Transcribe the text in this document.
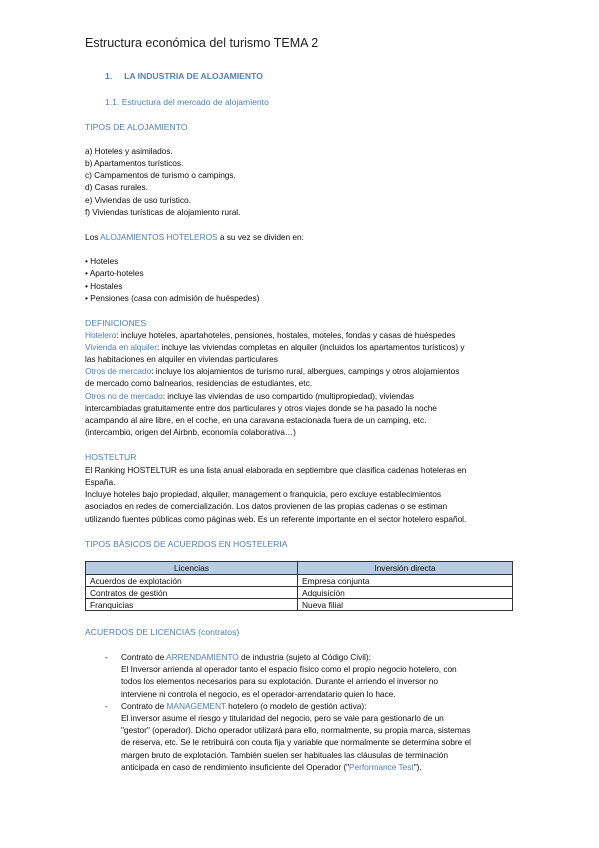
Estructura económica del turismo TEMA 2
1.     LA INDUSTRIA DE ALOJAMIENTO
1.1. Estructura del mercado de alojamiento
TIPOS DE ALOJAMIENTO
a) Hoteles y asimilados.
b) Apartamentos turísticos.
c) Campamentos de turismo o campings.
d) Casas rurales.
e) Viviendas de uso turístico.
f) Viviendas turísticas de alojamiento rural.
Los ALOJAMIENTOS HOTELEROS a su vez se dividen en:
• Hoteles
• Aparto-hoteles
• Hostales
• Pensiones (casa con admisión de huéspedes)
DEFINICIONES
Hotelero: incluye hoteles, apartahoteles, pensiones, hostales, moteles, fondas y casas de huéspedes
Vivienda en alquiler: incluye las viviendas completas en alquiler (incluidos los apartamentos turísticos) y
las habitaciones en alquiler en viviendas particulares
Otros de mercado: incluye los alojamientos de turismo rural, albergues, campings y otros alojamientos
de mercado como balnearios, residencias de estudiantes, etc.
Otros no de mercado: incluye las viviendas de uso compartido (multipropiedad), viviendas
intercambiadas gratuitamente entre dos particulares y otros viajes donde se ha pasado la noche
acampando al aire libre, en el coche, en una caravana estacionada fuera de un camping, etc.
(intercambio, origen del Airbnb, economía colaborativa…)
HOSTELTUR
El Ranking HOSTELTUR es una lista anual elaborada en septiembre que clasifica cadenas hoteleras en
España.
Incluye hoteles bajo propiedad, alquiler, management o franquicia, pero excluye establecimientos
asociados en redes de comercialización. Los datos provienen de las propias cadenas o se estiman
utilizando fuentes públicas como páginas web. Es un referente importante en el sector hotelero español.
TIPOS BÁSICOS DE ACUERDOS EN HOSTELERIA
Licencias	Inversión directa
Acuerdos de explotación	Empresa conjunta
Contratos de gestión	Adquisición
Franquicias	Nueva filial
ACUERDOS DE LICENCIAS (contratos)
- Contrato de ARRENDAMIENTO de industria (sujeto al Código Civil):
El Inversor arrienda al operador tanto el espacio físico como el propio negocio hotelero, con
todos los elementos necesarios para su explotación. Durante el arriendo el inversor no
interviene ni controla el negocio, es el operador-arrendatario quien lo hace.
- Contrato de MANAGEMENT hotelero (o modelo de gestión activa):
El inversor asume el riesgo y titularidad del negocio, pero se vale para gestionarlo de un
"gestor" (operador). Dicho operador utilizará para ello, normalmente, su propia marca, sistemas
de reserva, etc. Se le retribuirá con couta fija y variable que normalmente se determina sobre el
margen bruto de explotación. También suelen ser habituales las cláusulas de terminación
anticipada en caso de rendimiento insuficiente del Operador ("Performance Test").
